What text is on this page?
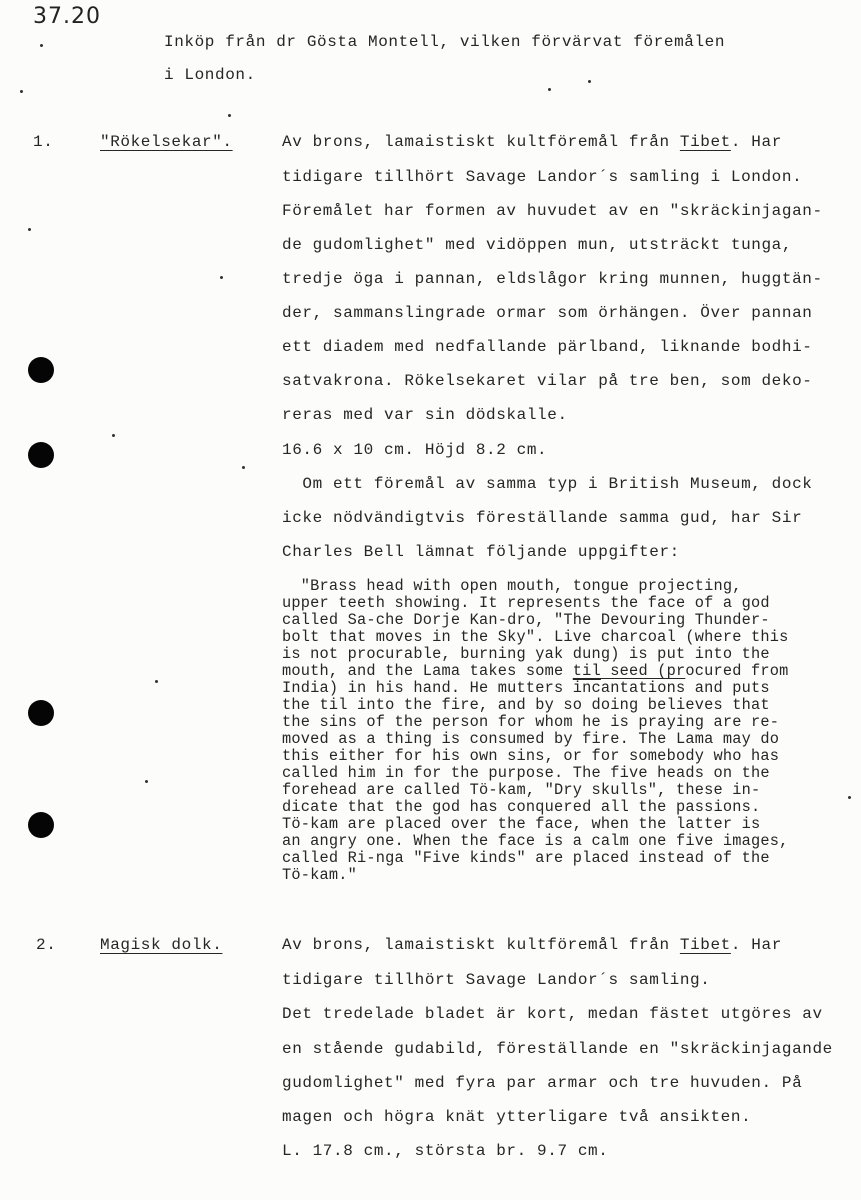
37.20
Inköp från dr Gösta Montell, vilken förvärvat föremålen
i London.
1.	"Rökelsekar".	Av brons, lamaistiskt kultföremål från Tibet. Har
tidigare tillhört Savage Landor´s samling i London.
Föremålet har formen av huvudet av en "skräckinjagan-
de gudomlighet" med vidöppen mun, utsträckt tunga,
tredje öga i pannan, eldslågor kring munnen, huggtän-
der, sammanslingrade ormar som örhängen. Över pannan
ett diadem med nedfallande pärlband, liknande bodhi-
satvakrona. Rökelsekaret vilar på tre ben, som deko-
reras med var sin dödskalle.
16.6 x 10 cm. Höjd 8.2 cm.
Om ett föremål av samma typ i British Museum, dock
icke nödvändigtvis föreställande samma gud, har Sir
Charles Bell lämnat följande uppgifter:
"Brass head with open mouth, tongue projecting,
upper teeth showing. It represents the face of a god
called Sa-che Dorje Kan-dro, "The Devouring Thunder-
bolt that moves in the Sky". Live charcoal (where this
is not procurable, burning yak dung) is put into the
mouth, and the Lama takes some til seed (procured from
India) in his hand. He mutters incantations and puts
the til into the fire, and by so doing believes that
the sins of the person for whom he is praying are re-
moved as a thing is consumed by fire. The Lama may do
this either for his own sins, or for somebody who has
called him in for the purpose. The five heads on the
forehead are called Tö-kam, "Dry skulls", these in-
dicate that the god has conquered all the passions.
Tö-kam are placed over the face, when the latter is
an angry one. When the face is a calm one five images,
called Ri-nga "Five kinds" are placed instead of the
Tö-kam."
2.	Magisk dolk.	Av brons, lamaistiskt kultföremål från Tibet. Har
tidigare tillhört Savage Landor´s samling.
Det tredelade bladet är kort, medan fästet utgöres av
en stående gudabild, föreställande en "skräckinjagande
gudomlighet" med fyra par armar och tre huvuden. På
magen och högra knät ytterligare två ansikten.
L. 17.8 cm., största br. 9.7 cm.
